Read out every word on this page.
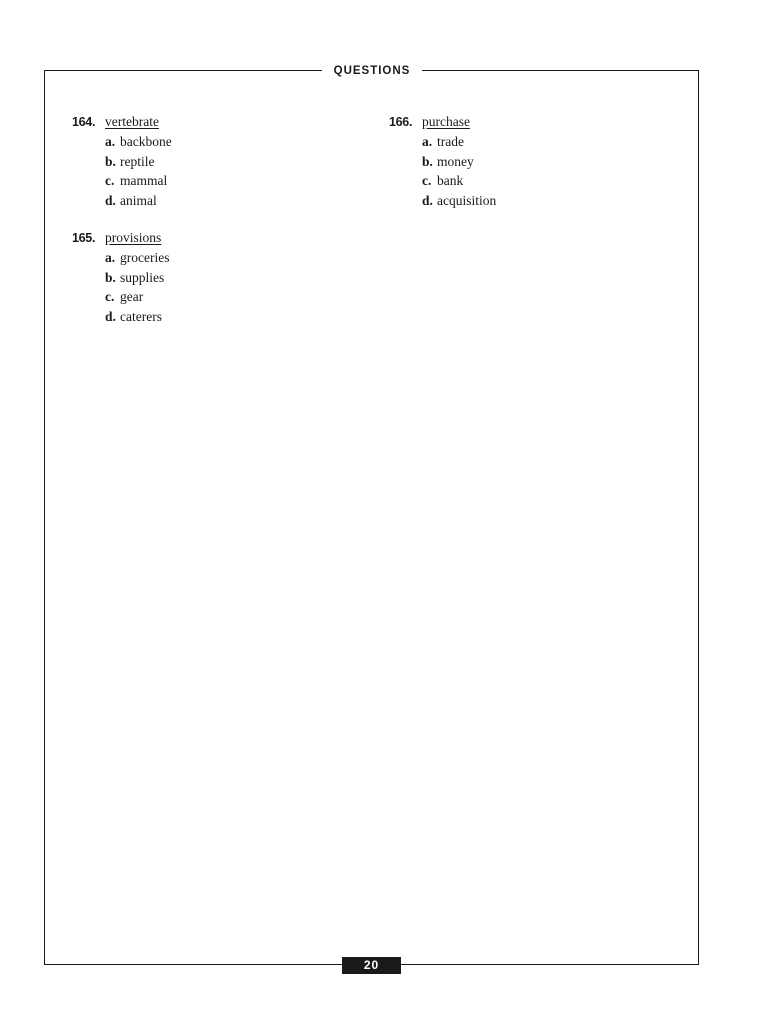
QUESTIONS
164. vertebrate
a. backbone
b. reptile
c. mammal
d. animal
165. provisions
a. groceries
b. supplies
c. gear
d. caterers
166. purchase
a. trade
b. money
c. bank
d. acquisition
20
